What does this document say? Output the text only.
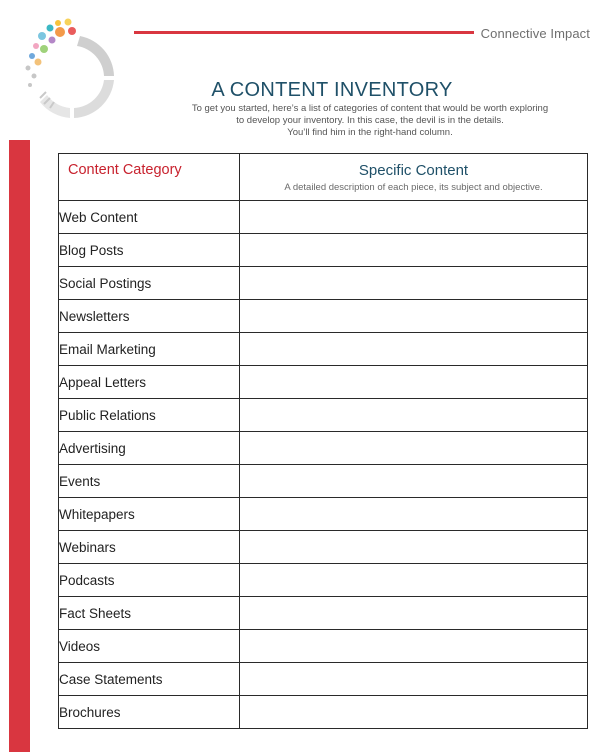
Connective Impact
A CONTENT INVENTORY
To get you started, here’s a list of categories of content that would be worth exploring
to develop your inventory. In this case, the devil is in the details.
You’ll find him in the right-hand column.
Content Category	Specific Content
A detailed description of each piece, its subject and objective.

Web Content	
Blog Posts	
Social Postings	
Newsletters	
Email Marketing	
Appeal Letters	
Public Relations	
Advertising	
Events	
Whitepapers	
Webinars	
Podcasts	
Fact Sheets	
Videos	
Case Statements	
Brochures	
